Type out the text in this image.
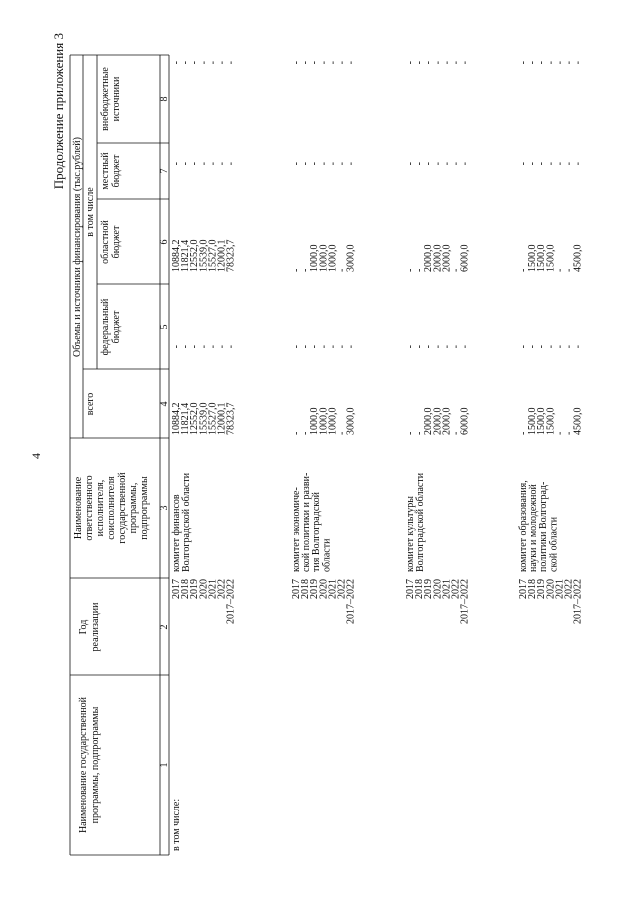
4
Продолжение приложения 3
Наименование государственной программы, подпрограммы
Год реализации
Наименование ответственного исполнителя, соисполнителя государственной программы, подпрограммы
Объемы и источники финансирования (тыс.рублей)
всего
в том числе
федеральный бюджет
областной бюджет
местный бюджет
внебюджетные источники
1
2
3
4
5
6
7
8
в том числе:
2017
2018
2019
2020
2021
2022
2017–2022
10884,2
11821,4
12552,0
15539,0
15527,0
12000,1
78323,7
-
-
-
-
-
-
-
10884,2
11821,4
12552,0
15539,0
15527,0
12000,1
78323,7
-
-
-
-
-
-
-
-
-
-
-
-
-
-
комитет финансов Волгоградской области
2017
2018
2019
2020
2021
2022
2017–2022
-
-
1000,0
1000,0
1000,0
-
3000,0
-
-
-
-
-
-
-
-
-
1000,0
1000,0
1000,0
-
3000,0
-
-
-
-
-
-
-
-
-
-
-
-
-
-
комитет экономиче- ской политики и разви- тия Волгоградской области
2017
2018
2019
2020
2021
2022
2017–2022
-
-
2000,0
2000,0
2000,0
-
6000,0
-
-
-
-
-
-
-
-
-
2000,0
2000,0
2000,0
-
6000,0
-
-
-
-
-
-
-
-
-
-
-
-
-
-
комитет культуры Волгоградской области
2017
2018
2019
2020
2021
2022
2017–2022
-
1500,0
1500,0
1500,0
-
-
4500,0
-
-
-
-
-
-
-
-
1500,0
1500,0
1500,0
-
-
4500,0
-
-
-
-
-
-
-
-
-
-
-
-
-
-
комитет образования, науки и молодежной политики Волгоград- ской области
